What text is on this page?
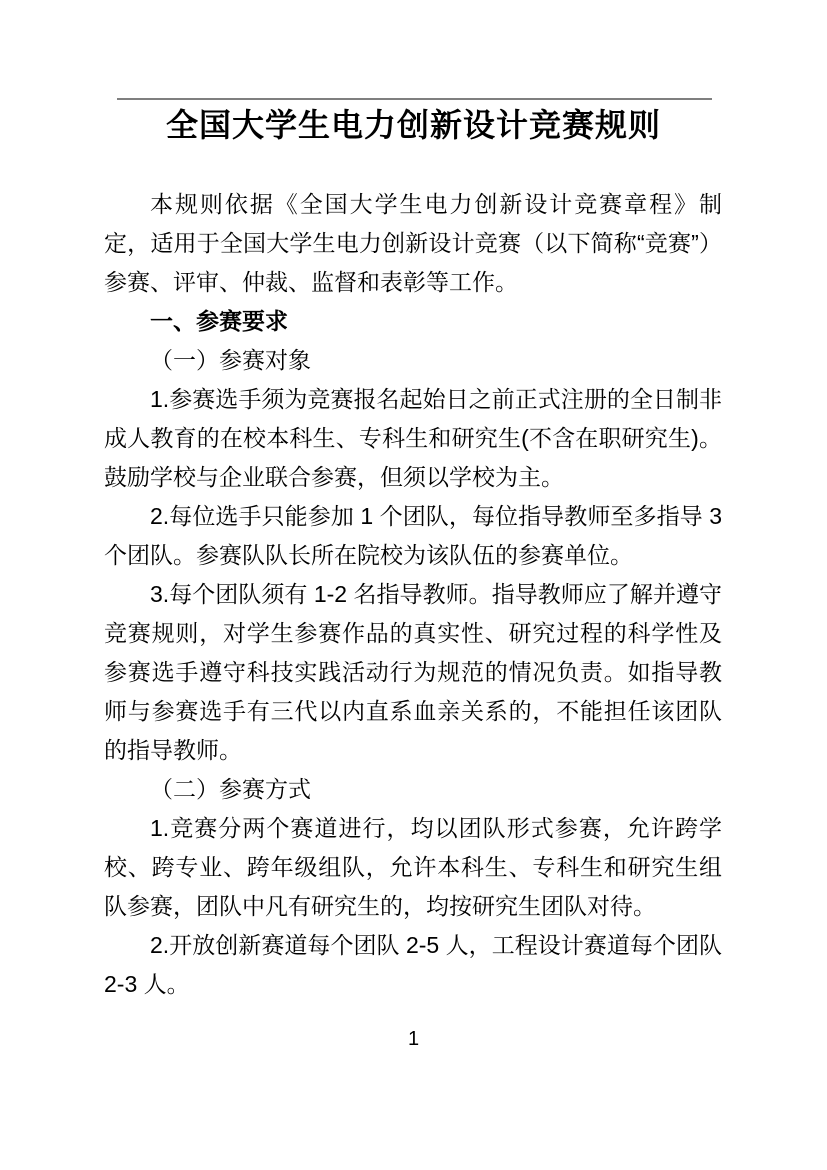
全国大学生电力创新设计竞赛规则

本规则依据《全国大学生电力创新设计竞赛章程》制定，适用于全国大学生电力创新设计竞赛（以下简称“竞赛”）参赛、评审、仲裁、监督和表彰等工作。

一、参赛要求

（一）参赛对象

1.参赛选手须为竞赛报名起始日之前正式注册的全日制非成人教育的在校本科生、专科生和研究生(不含在职研究生)。鼓励学校与企业联合参赛，但须以学校为主。

2.每位选手只能参加 1 个团队，每位指导教师至多指导 3 个团队。参赛队队长所在院校为该队伍的参赛单位。

3.每个团队须有 1-2 名指导教师。指导教师应了解并遵守竞赛规则，对学生参赛作品的真实性、研究过程的科学性及参赛选手遵守科技实践活动行为规范的情况负责。如指导教师与参赛选手有三代以内直系血亲关系的，不能担任该团队的指导教师。

（二）参赛方式

1.竞赛分两个赛道进行，均以团队形式参赛，允许跨学校、跨专业、跨年级组队，允许本科生、专科生和研究生组队参赛，团队中凡有研究生的，均按研究生团队对待。

2.开放创新赛道每个团队 2-5 人，工程设计赛道每个团队 2-3 人。

1
